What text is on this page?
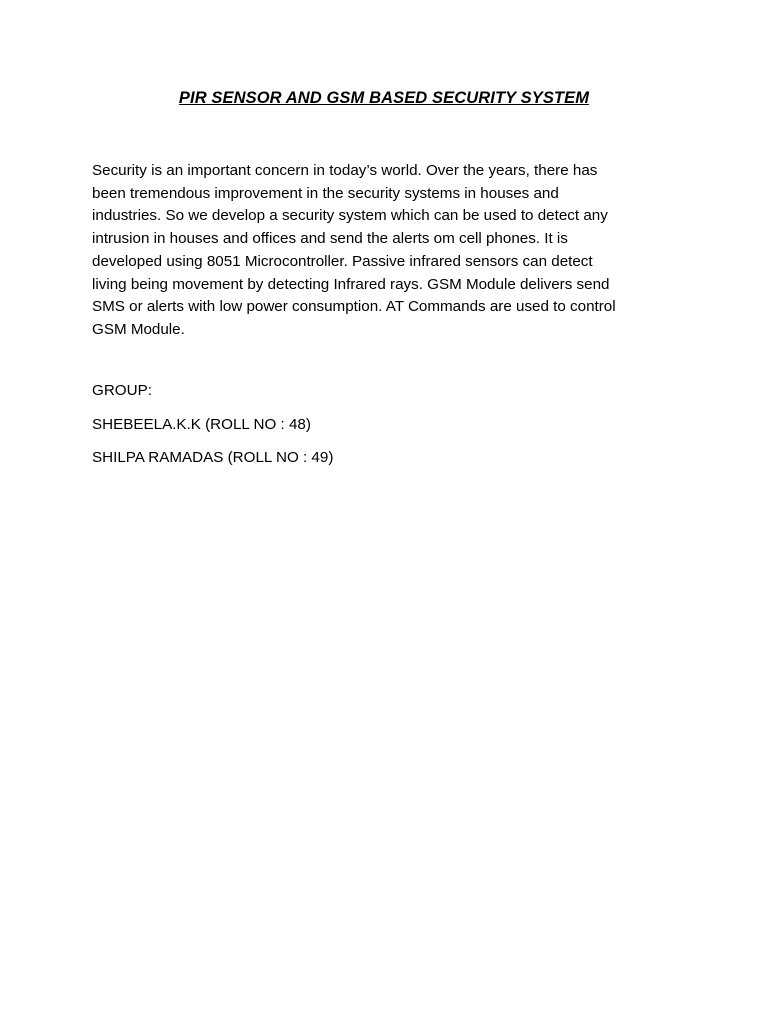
PIR SENSOR AND GSM BASED SECURITY SYSTEM
Security is an important concern in today’s world. Over the years, there has
been tremendous improvement in the security systems in houses and
industries. So we develop a security system which can be used to detect any
intrusion in houses and offices and send the alerts om cell phones. It is
developed using 8051 Microcontroller. Passive infrared sensors can detect
living being movement by detecting Infrared rays. GSM Module delivers send
SMS or alerts with low power consumption. AT Commands are used to control
GSM Module.
GROUP:
SHEBEELA.K.K (ROLL NO : 48)
SHILPA RAMADAS (ROLL NO : 49)
